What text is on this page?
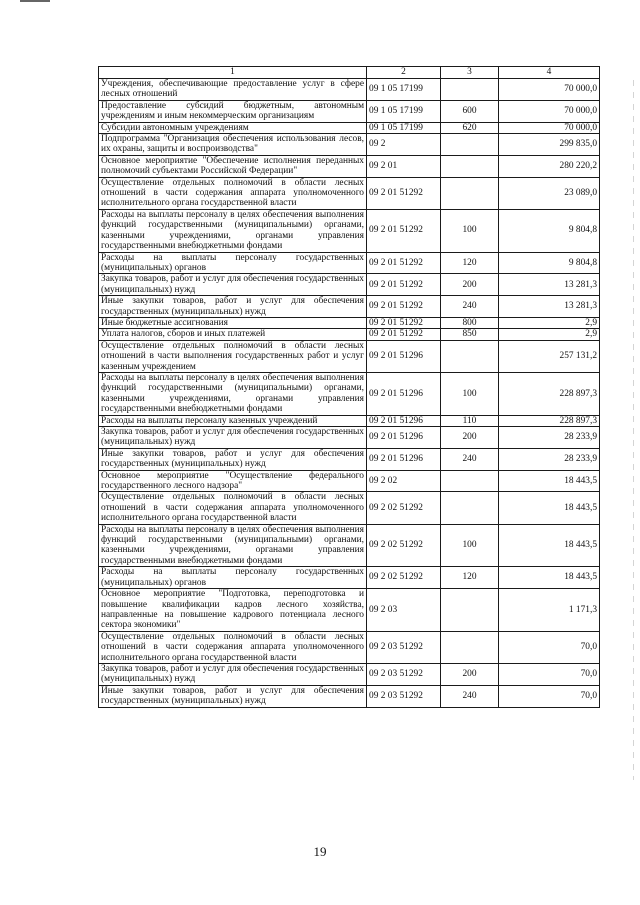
1	2	3	4
Учреждения, обеспечивающие предоставление услуг в сфере лесных отношений	09 1 05 17199		70 000,0
Предоставление субсидий бюджетным, автономным учреждениям и иным некоммерческим организациям	09 1 05 17199	600	70 000,0
Субсидии автономным учреждениям	09 1 05 17199	620	70 000,0
Подпрограмма "Организация обеспечения использования лесов, их охраны, защиты и воспроизводства"	09 2		299 835,0
Основное мероприятие "Обеспечение исполнения переданных полномочий субъектами Российской Федерации"	09 2 01		280 220,2
Осуществление отдельных полномочий в области лесных отношений в части содержания аппарата уполномоченного исполнительного органа государственной власти	09 2 01 51292		23 089,0
Расходы на выплаты персоналу в целях обеспечения выполнения функций государственными (муниципальными) органами, казенными учреждениями, органами управления государственными внебюджетными фондами	09 2 01 51292	100	9 804,8
Расходы на выплаты персоналу государственных (муниципальных) органов	09 2 01 51292	120	9 804,8
Закупка товаров, работ и услуг для обеспечения государственных (муниципальных) нужд	09 2 01 51292	200	13 281,3
Иные закупки товаров, работ и услуг для обеспечения государственных (муниципальных) нужд	09 2 01 51292	240	13 281,3
Иные бюджетные ассигнования	09 2 01 51292	800	2,9
Уплата налогов, сборов и иных платежей	09 2 01 51292	850	2,9
Осуществление отдельных полномочий в области лесных отношений в части выполнения государственных работ и услуг казенным учреждением	09 2 01 51296		257 131,2
Расходы на выплаты персоналу в целях обеспечения выполнения функций государственными (муниципальными) органами, казенными учреждениями, органами управления государственными внебюджетными фондами	09 2 01 51296	100	228 897,3
Расходы на выплаты персоналу казенных учреждений	09 2 01 51296	110	228 897,3
Закупка товаров, работ и услуг для обеспечения государственных (муниципальных) нужд	09 2 01 51296	200	28 233,9
Иные закупки товаров, работ и услуг для обеспечения государственных (муниципальных) нужд	09 2 01 51296	240	28 233,9
Основное мероприятие "Осуществление федерального государственного лесного надзора"	09 2 02		18 443,5
Осуществление отдельных полномочий в области лесных отношений в части содержания аппарата уполномоченного исполнительного органа государственной власти	09 2 02 51292		18 443,5
Расходы на выплаты персоналу в целях обеспечения выполнения функций государственными (муниципальными) органами, казенными учреждениями, органами управления государственными внебюджетными фондами	09 2 02 51292	100	18 443,5
Расходы на выплаты персоналу государственных (муниципальных) органов	09 2 02 51292	120	18 443,5
Основное мероприятие "Подготовка, переподготовка и повышение квалификации кадров лесного хозяйства, направленные на повышение кадрового потенциала лесного сектора экономики"	09 2 03		1 171,3
Осуществление отдельных полномочий в области лесных отношений в части содержания аппарата уполномоченного исполнительного органа государственной власти	09 2 03 51292		70,0
Закупка товаров, работ и услуг для обеспечения государственных (муниципальных) нужд	09 2 03 51292	200	70,0
Иные закупки товаров, работ и услуг для обеспечения государственных (муниципальных) нужд	09 2 03 51292	240	70,0
19
